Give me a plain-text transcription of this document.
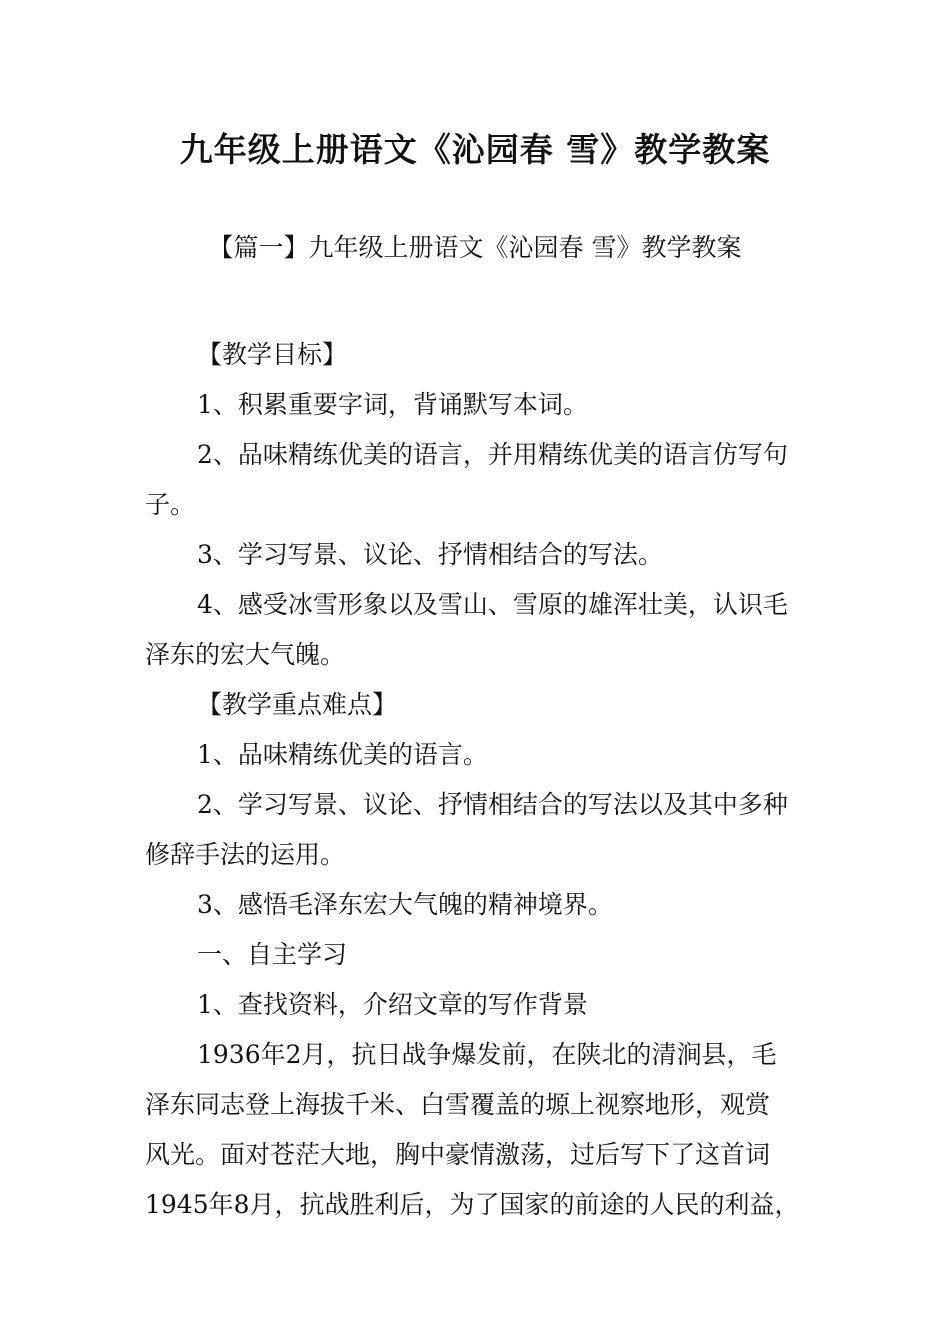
九年级上册语文《沁园春 雪》教学教案
【篇一】九年级上册语文《沁园春 雪》教学教案
【教学目标】
1、积累重要字词，背诵默写本词。
2、品味精练优美的语言，并用精练优美的语言仿写句
子。
3、学习写景、议论、抒情相结合的写法。
4、感受冰雪形象以及雪山、雪原的雄浑壮美，认识毛
泽东的宏大气魄。
【教学重点难点】
1、品味精练优美的语言。
2、学习写景、议论、抒情相结合的写法以及其中多种
修辞手法的运用。
3、感悟毛泽东宏大气魄的精神境界。
一、自主学习
1、查找资料，介绍文章的写作背景
1936年2月，抗日战争爆发前，在陕北的清涧县，毛
泽东同志登上海拔千米、白雪覆盖的塬上视察地形，观赏
风光。面对苍茫大地，胸中豪情激荡，过后写下了这首词
1945年8月，抗战胜利后，为了国家的前途的人民的利益，
